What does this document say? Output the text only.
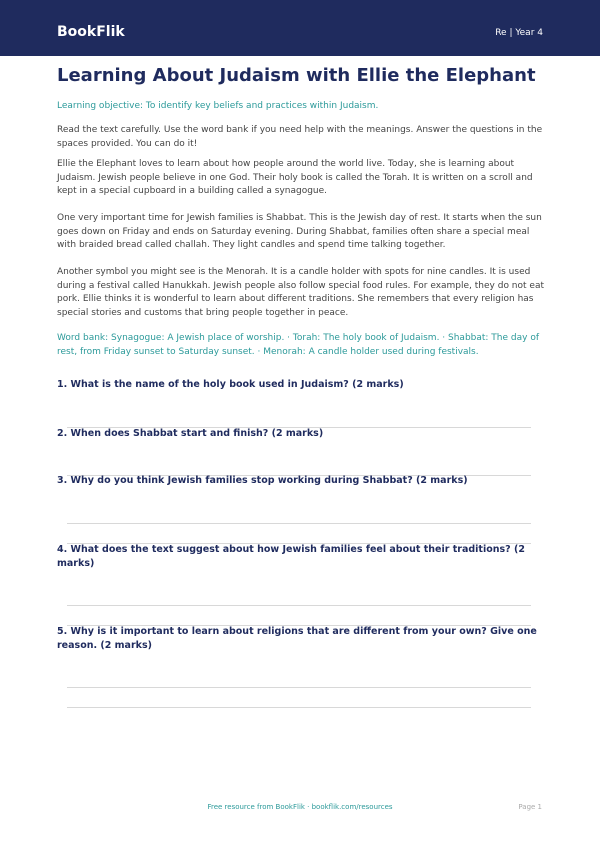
BookFlik	Re | Year 4
Learning About Judaism with Ellie the Elephant
Learning objective: To identify key beliefs and practices within Judaism.

Read the text carefully. Use the word bank if you need help with the meanings. Answer the questions in the spaces provided. You can do it!

Ellie the Elephant loves to learn about how people around the world live. Today, she is learning about Judaism. Jewish people believe in one God. Their holy book is called the Torah. It is written on a scroll and kept in a special cupboard in a building called a synagogue.

One very important time for Jewish families is Shabbat. This is the Jewish day of rest. It starts when the sun goes down on Friday and ends on Saturday evening. During Shabbat, families often share a special meal with braided bread called challah. They light candles and spend time talking together.

Another symbol you might see is the Menorah. It is a candle holder with spots for nine candles. It is used during a festival called Hanukkah. Jewish people also follow special food rules. For example, they do not eat pork. Ellie thinks it is wonderful to learn about different traditions. She remembers that every religion has special stories and customs that bring people together in peace.

Word bank: Synagogue: A Jewish place of worship. · Torah: The holy book of Judaism. · Shabbat: The day of rest, from Friday sunset to Saturday sunset. · Menorah: A candle holder used during festivals.

1. What is the name of the holy book used in Judaism? (2 marks)

2. When does Shabbat start and finish? (2 marks)

3. Why do you think Jewish families stop working during Shabbat? (2 marks)

4. What does the text suggest about how Jewish families feel about their traditions? (2 marks)

5. Why is it important to learn about religions that are different from your own? Give one reason. (2 marks)

Free resource from BookFlik · bookflik.com/resources	Page 1
